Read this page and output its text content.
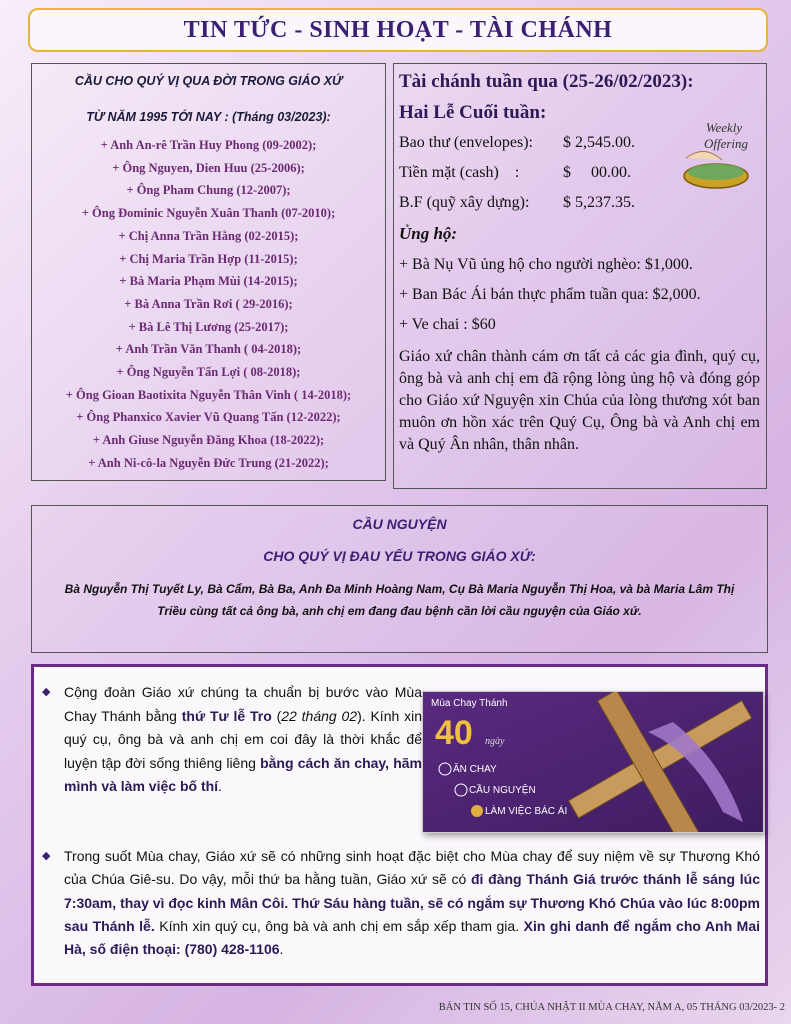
TIN TỨC - SINH HOẠT - TÀI CHÁNH
CẦU CHO QUÝ VỊ QUA ĐỜI TRONG GIÁO XỨ
TỪ NĂM 1995 TỚI NAY : (Tháng 03/2023):
+ Anh An-rê Trần Huy Phong (09-2002);
+ Ông Nguyen, Dien Huu (25-2006);
+ Ông Pham Chung (12-2007);
+ Ông Đominic Nguyễn Xuân Thanh (07-2010);
+ Chị Anna Trần Hằng (02-2015);
+ Chị Maria Trần Hợp (11-2015);
+ Bà Maria Phạm Mùi (14-2015);
+ Bà Anna Trần Rơi ( 29-2016);
+ Bà Lê Thị Lương (25-2017);
+ Anh Trần Văn Thanh ( 04-2018);
+ Ông Nguyễn Tấn Lợi ( 08-2018);
+ Ông Gioan Baotixita Nguyễn Thân Vinh ( 14-2018);
+ Ông Phanxico Xavier Vũ Quang Tấn (12-2022);
+ Anh Giuse Nguyễn Đăng Khoa (18-2022);
+ Anh Ni-cô-la Nguyễn Đức Trung (21-2022);
Tài chánh tuần qua (25-26/02/2023):
Hai Lễ Cuối tuần:
Bao thư (envelopes): $ 2,545.00.
Tiền mặt (cash)    :	$     00.00.
B.F (quỹ xây dựng): $ 5,237.35.
Ủng hộ:
+ Bà Nụ Vũ ủng hộ cho người nghèo: $1,000.
+ Ban Bác Ái bán thực phẩm tuần qua: $2,000.
+ Ve chai : $60
Giáo xứ chân thành cám ơn tất cả các gia đình, quý cụ, ông bà và anh chị em đã rộng lòng ủng hộ và đóng góp cho Giáo xứ Nguyện xin Chúa của lòng thương xót ban muôn ơn hồn xác trên Quý Cụ, Ông bà và Anh chị em và Quý Ân nhân, thân nhân.
Weekly
Offering
CẦU NGUYỆN
CHO QUÝ VỊ ĐAU YẾU TRONG GIÁO XỨ:
Bà Nguyễn Thị Tuyết Ly, Bà Cẩm, Bà Ba, Anh Đa Minh Hoàng Nam, Cụ Bà Maria Nguyễn Thị Hoa, và bà Maria Lâm Thị Triều cùng tất cả ông bà, anh chị em đang đau bệnh cần lời cầu nguyện của Giáo xứ.
◆ Cộng đoàn Giáo xứ chúng ta chuẩn bị bước vào Mùa Chay Thánh bằng thứ Tư lễ Tro (22 tháng 02). Kính xin quý cụ, ông bà và anh chị em coi đây là thời khắc để luyện tập đời sống thiêng liêng bằng cách ăn chay, hãm mình và làm việc bố thí.
Mùa Chay Thánh
40 ngày
ĂN CHAY
CẦU NGUYỆN
LÀM VIỆC BÁC ÁI
◆ Trong suốt Mùa chay, Giáo xứ sẽ có những sinh hoạt đặc biệt cho Mùa chay để suy niệm về sự Thương Khó của Chúa Giê-su. Do vậy, mỗi thứ ba hằng tuần, Giáo xứ sẽ có đi đàng Thánh Giá trước thánh lễ sáng lúc 7:30am, thay vì đọc kinh Mân Côi. Thứ Sáu hàng tuần, sẽ có ngắm sự Thương Khó Chúa vào lúc 8:00pm sau Thánh lễ. Kính xin quý cụ, ông bà và anh chị em sắp xếp tham gia. Xin ghi danh để ngắm cho Anh Mai Hà, số điện thoại: (780) 428-1106.
BẢN TIN SỐ 15, CHÚA NHẬT II MÙA CHAY, NĂM A, 05 THÁNG 03/2023- 2
